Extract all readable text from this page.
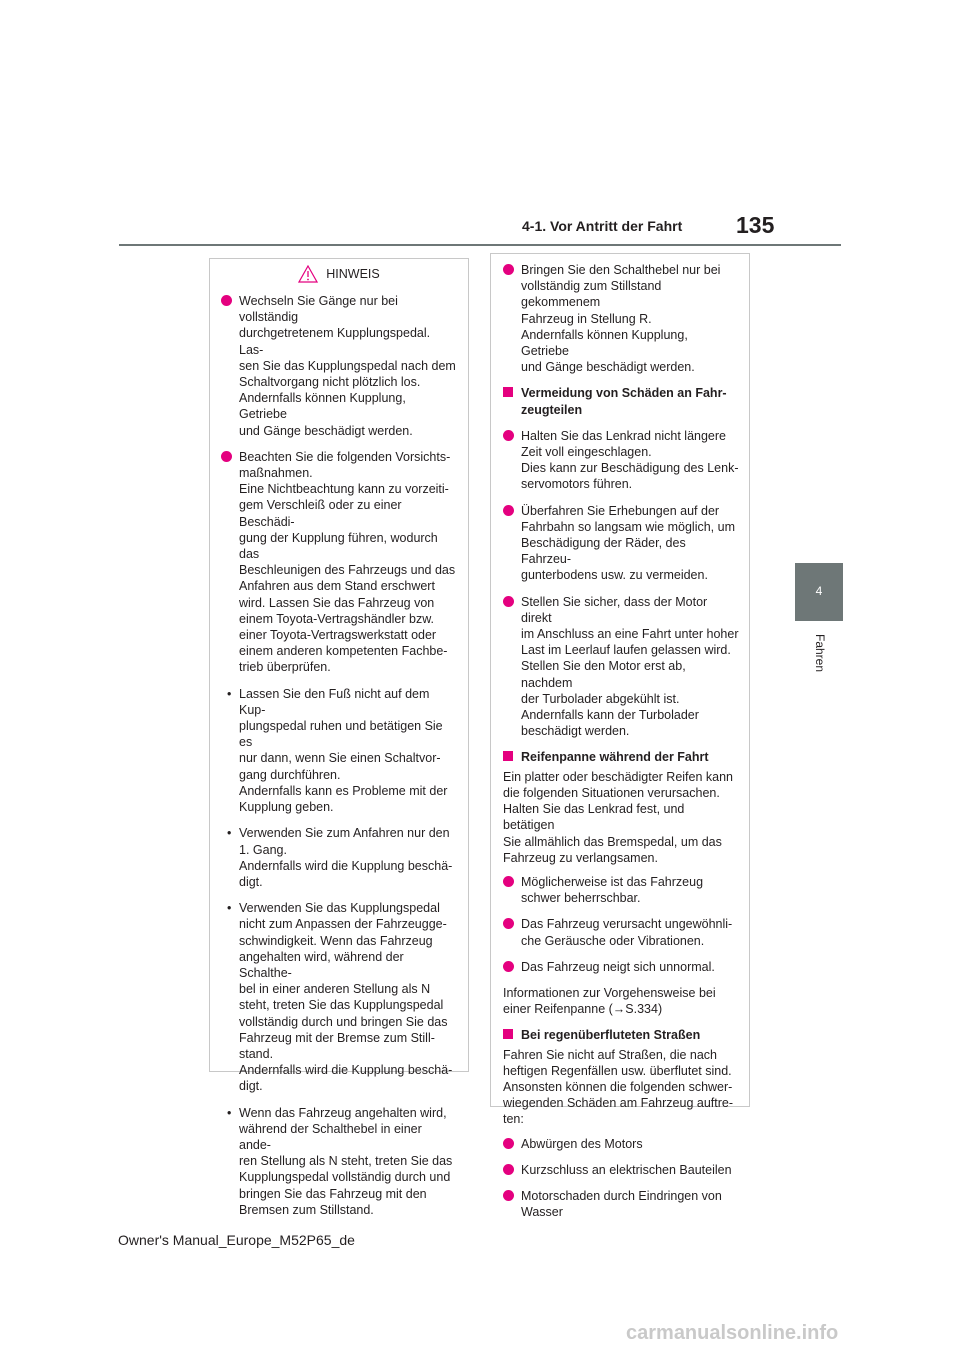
4-1. Vor Antritt der Fahrt 135
4
Fahren
HINWEIS
Wechseln Sie Gänge nur bei vollständig
durchgetretenem Kupplungspedal. Las-
sen Sie das Kupplungspedal nach dem
Schaltvorgang nicht plötzlich los.
Andernfalls können Kupplung, Getriebe
und Gänge beschädigt werden.
Beachten Sie die folgenden Vorsichts-
maßnahmen.
Eine Nichtbeachtung kann zu vorzeiti-
gem Verschleiß oder zu einer Beschädi-
gung der Kupplung führen, wodurch das
Beschleunigen des Fahrzeugs und das
Anfahren aus dem Stand erschwert
wird. Lassen Sie das Fahrzeug von
einem Toyota-Vertragshändler bzw.
einer Toyota-Vertragswerkstatt oder
einem anderen kompetenten Fachbe-
trieb überprüfen.
• Lassen Sie den Fuß nicht auf dem Kup-
plungspedal ruhen und betätigen Sie es
nur dann, wenn Sie einen Schaltvor-
gang durchführen.
Andernfalls kann es Probleme mit der
Kupplung geben.
• Verwenden Sie zum Anfahren nur den
1. Gang.
Andernfalls wird die Kupplung beschä-
digt.
• Verwenden Sie das Kupplungspedal
nicht zum Anpassen der Fahrzeugge-
schwindigkeit. Wenn das Fahrzeug
angehalten wird, während der Schalthe-
bel in einer anderen Stellung als N
steht, treten Sie das Kupplungspedal
vollständig durch und bringen Sie das
Fahrzeug mit der Bremse zum Still-
stand.
Andernfalls wird die Kupplung beschä-
digt.
• Wenn das Fahrzeug angehalten wird,
während der Schalthebel in einer ande-
ren Stellung als N steht, treten Sie das
Kupplungspedal vollständig durch und
bringen Sie das Fahrzeug mit den
Bremsen zum Stillstand.
Bringen Sie den Schalthebel nur bei
vollständig zum Stillstand gekommenem
Fahrzeug in Stellung R.
Andernfalls können Kupplung, Getriebe
und Gänge beschädigt werden.
Vermeidung von Schäden an Fahr-
zeugteilen
Halten Sie das Lenkrad nicht längere
Zeit voll eingeschlagen.
Dies kann zur Beschädigung des Lenk-
servomotors führen.
Überfahren Sie Erhebungen auf der
Fahrbahn so langsam wie möglich, um
Beschädigung der Räder, des Fahrzeu-
gunterbodens usw. zu vermeiden.
Stellen Sie sicher, dass der Motor direkt
im Anschluss an eine Fahrt unter hoher
Last im Leerlauf laufen gelassen wird.
Stellen Sie den Motor erst ab, nachdem
der Turbolader abgekühlt ist.
Andernfalls kann der Turbolader
beschädigt werden.
Reifenpanne während der Fahrt
Ein platter oder beschädigter Reifen kann
die folgenden Situationen verursachen.
Halten Sie das Lenkrad fest, und betätigen
Sie allmählich das Bremspedal, um das
Fahrzeug zu verlangsamen.
Möglicherweise ist das Fahrzeug
schwer beherrschbar.
Das Fahrzeug verursacht ungewöhnli-
che Geräusche oder Vibrationen.
Das Fahrzeug neigt sich unnormal.
Informationen zur Vorgehensweise bei
einer Reifenpanne (→S.334)
Bei regenüberfluteten Straßen
Fahren Sie nicht auf Straßen, die nach
heftigen Regenfällen usw. überflutet sind.
Ansonsten können die folgenden schwer-
wiegenden Schäden am Fahrzeug auftre-
ten:
Abwürgen des Motors
Kurzschluss an elektrischen Bauteilen
Motorschaden durch Eindringen von
Wasser
Owner's Manual_Europe_M52P65_de
carmanualsonline.info
